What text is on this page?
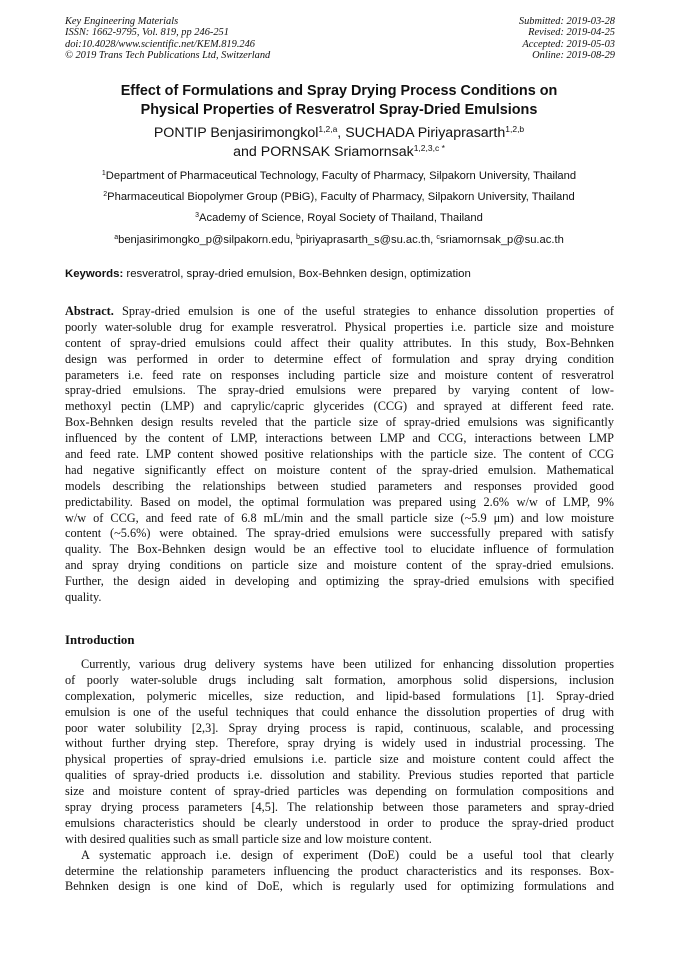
Key Engineering Materials
ISSN: 1662-9795, Vol. 819, pp 246-251
doi:10.4028/www.scientific.net/KEM.819.246
© 2019 Trans Tech Publications Ltd, Switzerland
Submitted: 2019-03-28
Revised: 2019-04-25
Accepted: 2019-05-03
Online: 2019-08-29
Effect of Formulations and Spray Drying Process Conditions on
Physical Properties of Resveratrol Spray-Dried Emulsions
PONTIP Benjasirimongkol$^{1,2,a}$, SUCHADA Piriyaprasarth$^{1,2,b}$
and PORNSAK Sriamornsak$^{1,2,3,c *}$
$^1$Department of Pharmaceutical Technology, Faculty of Pharmacy, Silpakorn University, Thailand
$^2$Pharmaceutical Biopolymer Group (PBiG), Faculty of Pharmacy, Silpakorn University, Thailand
$^3$Academy of Science, Royal Society of Thailand, Thailand
$^a$benjasirimongko_p@silpakorn.edu, $^b$piriyaprasarth_s@su.ac.th, $^c$sriamornsak_p@su.ac.th
Keywords: resveratrol, spray-dried emulsion, Box-Behnken design, optimization
Abstract. Spray-dried emulsion is one of the useful strategies to enhance dissolution properties of
poorly water-soluble drug for example resveratrol. Physical properties i.e. particle size and moisture
content of spray-dried emulsions could affect their quality attributes. In this study, Box-Behnken
design was performed in order to determine effect of formulation and spray drying condition
parameters i.e. feed rate on responses including particle size and moisture content of resveratrol
spray-dried emulsions. The spray-dried emulsions were prepared by varying content of low-
methoxyl pectin (LMP) and caprylic/capric glycerides (CCG) and sprayed at different feed rate.
Box-Behnken design results reveled that the particle size of spray-dried emulsions was significantly
influenced by the content of LMP, interactions between LMP and CCG, interactions between LMP
and feed rate. LMP content showed positive relationships with the particle size. The content of CCG
had negative significantly effect on moisture content of the spray-dried emulsion. Mathematical
models describing the relationships between studied parameters and responses provided good
predictability. Based on model, the optimal formulation was prepared using 2.6% w/w of LMP, 9%
w/w of CCG, and feed rate of 6.8 mL/min and the small particle size (~5.9 μm) and low moisture
content (~5.6%) were obtained. The spray-dried emulsions were successfully prepared with satisfy
quality. The Box-Behnken design would be an effective tool to elucidate influence of formulation
and spray drying conditions on particle size and moisture content of the spray-dried emulsions.
Further, the design aided in developing and optimizing the spray-dried emulsions with specified
quality.
Introduction
Currently, various drug delivery systems have been utilized for enhancing dissolution properties
of poorly water-soluble drugs including salt formation, amorphous solid dispersions, inclusion
complexation, polymeric micelles, size reduction, and lipid-based formulations [1]. Spray-dried
emulsion is one of the useful techniques that could enhance the dissolution properties of drug with
poor water solubility [2,3]. Spray drying process is rapid, continuous, scalable, and processing
without further drying step. Therefore, spray drying is widely used in industrial processing. The
physical properties of spray-dried emulsions i.e. particle size and moisture content could affect the
qualities of spray-dried products i.e. dissolution and stability. Previous studies reported that particle
size and moisture content of spray-dried particles was depending on formulation compositions and
spray drying process parameters [4,5]. The relationship between those parameters and spray-dried
emulsions characteristics should be clearly understood in order to produce the spray-dried product
with desired qualities such as small particle size and low moisture content.
A systematic approach i.e. design of experiment (DoE) could be a useful tool that clearly
determine the relationship parameters influencing the product characteristics and its responses. Box-
Behnken design is one kind of DoE, which is regularly used for optimizing formulations and
